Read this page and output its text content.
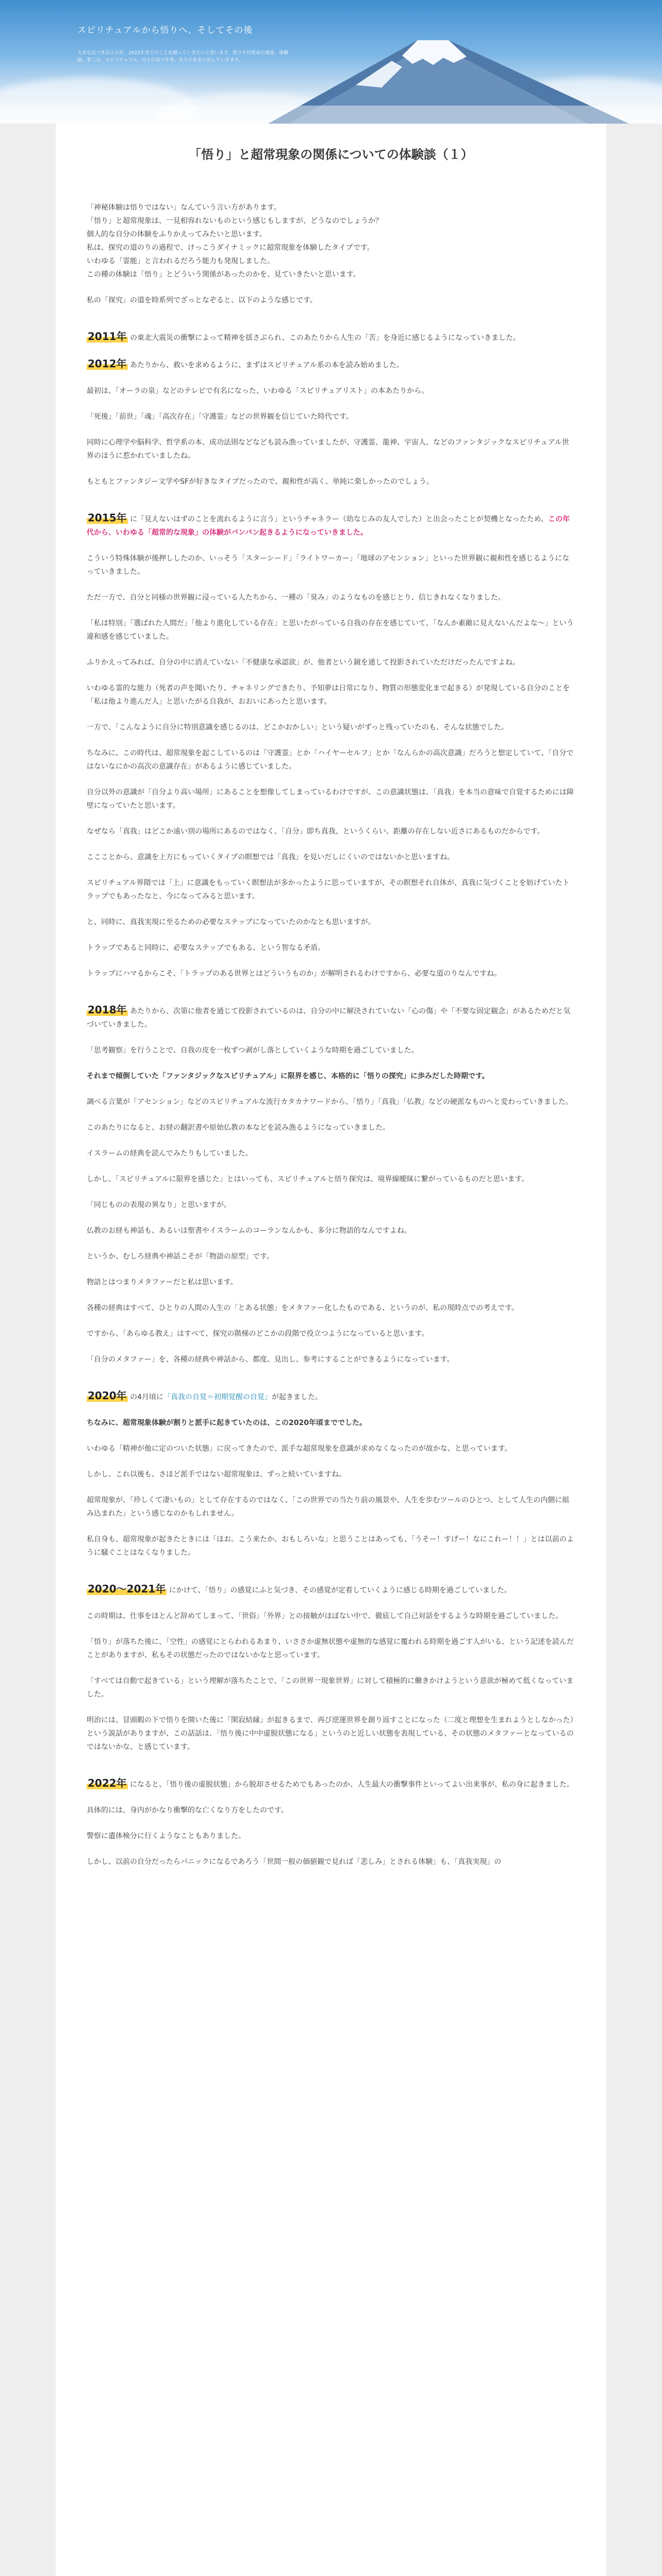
スピリチュアルから悟りへ、そしてその後
大きな気づき以上の年、2022年までのことを綴っていきたいと思います。悟りや目覚めの感覚、体験談、非二元、スピリチュアル、日々の気づき等。ありのままに記していきます。
「悟り」と超常現象の関係についての体験談（１）

「神秘体験は悟りではない」なんていう言い方があります。

「悟り」と超常現象は、一見相容れないものという感じもしますが、どうなのでしょうか？

個人的な自分の体験をふりかえってみたいと思います。

私は、探究の道のりの過程で、けっこうダイナミックに超常現象を体験したタイプです。

いわゆる「霊能」と言われるだろう能力も発現しました。

この種の体験は「悟り」とどういう関係があったのかを、見ていきたいと思います。

私の「探究」の道を時系列でざっとなぞると、以下のような感じです。

2011年 の東北大震災の衝撃によって精神を揺さぶられ、このあたりから人生の「苦」を身近に感じるようになっていきました。

2012年 あたりから、救いを求めるように、まずはスピリチュアル系の本を読み始めました。

最初は、「オーラの泉」などのテレビで有名になった、いわゆる「スピリチュアリスト」の本あたりから。

「死後」「前世」「魂」「高次存在」「守護霊」などの世界観を信じていた時代です。

同時に心理学や脳科学、哲学系の本、成功法則などなども読み漁っていましたが、守護霊、龍神、宇宙人、などのファンタジックなスピリチュアル世界のほうに惹かれていましたね。

もともとファンタジー文学やSFが好きなタイプだったので、親和性が高く、単純に楽しかったのでしょう。

2015年 に「見えないはずのことを流れるように言う」というチャネラー（幼なじみの友人でした）と出会ったことが契機となったため、この年代から、いわゆる「超常的な現象」の体験がバンバン起きるようになっていきました。

こういう特殊体験が後押ししたのか、いっそう「スターシード」「ライトワーカー」「地球のアセンション」といった世界観に親和性を感じるようになっていきました。

ただ一方で、自分と同様の世界観に浸っている人たちから、一種の「臭み」のようなものを感じとり、信じきれなくなりました。

「私は特別」「選ばれた人間だ」「他より進化している存在」と思いたがっている自我の存在を感じていて、「なんか素敵に見えないんだよな～」という違和感を感じていました。

ふりかえってみれば、自分の中に消えていない「不健康な承認欲」が、他者という鏡を通して投影されていただけだったんですよね。

いわゆる霊的な能力（死者の声を聞いたり、チャネリングできたり、予知夢は日常になり、物質の形態変化まで起きる）が発現している自分のことを「私は他より進んだ人」と思いたがる自我が、おおいにあったと思います。

一方で、「こんなように自分に特別意識を感じるのは、どこかおかしい」という疑いがずっと残っていたのも、そんな状態でした。

ちなみに、この時代は、超常現象を起こしているのは「守護霊」とか「ハイヤーセルフ」とか「なんらかの高次意識」だろうと想定していて、「自分ではないなにかの高次の意識存在」があるように感じていました。

自分以外の意識が「自分より高い場所」にあることを想像してしまっているわけですが、この意識状態は、「真我」を本当の意味で自覚するためには障壁になっていたと思います。

なぜなら「真我」はどこか遠い別の場所にあるのではなく、「自分」即ち真我、というくらい、距離の存在しない近さにあるものだからです。

ここことから、意識を上方にもっていくタイプの瞑想では「真我」を見いだしにくいのではないかと思いますね。

スピリチュアル界隈では「上」に意識をもっていく瞑想法が多かったように思っていますが、その瞑想それ自体が、真我に気づくことを妨げていたトラップでもあったなと、今になってみると思います。

と、同時に、真我実現に至るための必要なステップになっていたのかなとも思いますが。

トラップであると同時に、必要なステップでもある、という智なる矛盾。

トラップにハマるからこそ、「トラップのある世界とはどういうものか」が解明されるわけですから、必要な道のりなんですね。

2018年 あたりから、次第に他者を通じて投影されているのは、自分の中に解決されていない「心の傷」や「不要な固定観念」があるためだと気づいていきました。

「思考観察」を行うことで、自我の皮を一枚ずつ剥がし落としていくような時期を過ごしていました。

それまで傾倒していた「ファンタジックなスピリチュアル」に限界を感じ、本格的に「悟りの探究」に歩みだした時期です。

調べる言葉が「アセンション」などのスピリチュアルな流行カタカナワードから、「悟り」「真我」「仏教」などの硬派なものへと変わっていきました。

このあたりになると、お経の翻訳書や原始仏教の本などを読み漁るようになっていきました。

イスラームの経典を読んでみたりもしていました。

しかし、「スピリチュアルに限界を感じた」とはいっても、スピリチュアルと悟り探究は、境界線曖昧に繋がっているものだと思います。

「同じものの表現の異なり」と思いますが。

仏教のお経も神話も、あるいは聖書やイスラームのコーランなんかも、多分に物語的なんですよね。

というか、むしろ経典や神話こそが「物語の原型」です。

物語とはつまりメタファーだと私は思います。

各種の経典はすべて、ひとりの人間の人生の「とある状態」をメタファー化したものである、というのが、私の現時点での考えです。

ですから、「あらゆる教え」はすべて、探究の階梯のどこかの段階で役立つようになっていると思います。

「自分のメタファー」を、各種の経典や神話から、都度、見出し、参考にすることができるようになっています。

2020年 の4月頃に「真我の自覚＝初期覚醒の自覚」が起きました。

ちなみに、超常現象体験が割りと派手に起きていたのは、この2020年頃まででした。

いわゆる「精神が他に定のついた状態」に戻ってきたので、派手な超常現象を意識が求めなくなったのが故かな、と思っています。

しかし、これ以後も、さほど派手ではない超常現象は、ずっと続いていますね。

超常現象が、「珍しくて凄いもの」として存在するのではなく、「この世界での当たり前の風景や、人生を歩むツールのひとつ、として人生の内側に組み込まれた」という感じなのかもしれません。

私自身も、超常現象が起きたときには「ほお。こう来たか。おもしろいな」と思うことはあっても、「うそー！すげー！なにこれー！！」とは以前のように騒ぐことはなくなりました。

2020～2021年 にかけて、「悟り」の感覚にふと気づき、その感覚が定着していくように感じる時期を過ごしていました。

この時期は、仕事をほとんど辞めてしまって、「世俗」「外界」との接触がほぼない中で、徹底して自己対話をするような時期を過ごしていました。

「悟り」が落ちた後に、「空性」の感覚にとらわれるあまり、いささか虚無状態や虚無的な感覚に覆われる時期を過ごす人がいる、という記述を読んだことがありますが、私もその状態だったのではないかなと思っています。

「すべては自動で起きている」という理解が落ちたことで、「この世界一現象世界」に対して積極的に働きかけようという意欲が極めて低くなっていました。

明治には、冒頭暇の下で悟りを開いた後に「閑寂結縁」が起きるまで、再び逆運世界を創り返すことになった（二度と理想を生まれようとしなかった）という説話がありますが、この話話は、「悟り後に中中虚脱状態になる」というのと近しい状態を表現している、その状態のメタファーとなっているのではないかな、と感じています。

2022年 になると、「悟り後の虚脱状態」から脱却させるためでもあったのか、人生最大の衝撃事件といってよい出来事が、私の身に起きました。

具体的には、身内がかなり衝撃的な亡くなり方をしたのです。

警察に遺体検分に行くようなこともありました。

しかし、以前の自分だったらパニックになるであろう「世間一般の価値観で見れば「悲しみ」とされる体験」も、「真我実現」の
